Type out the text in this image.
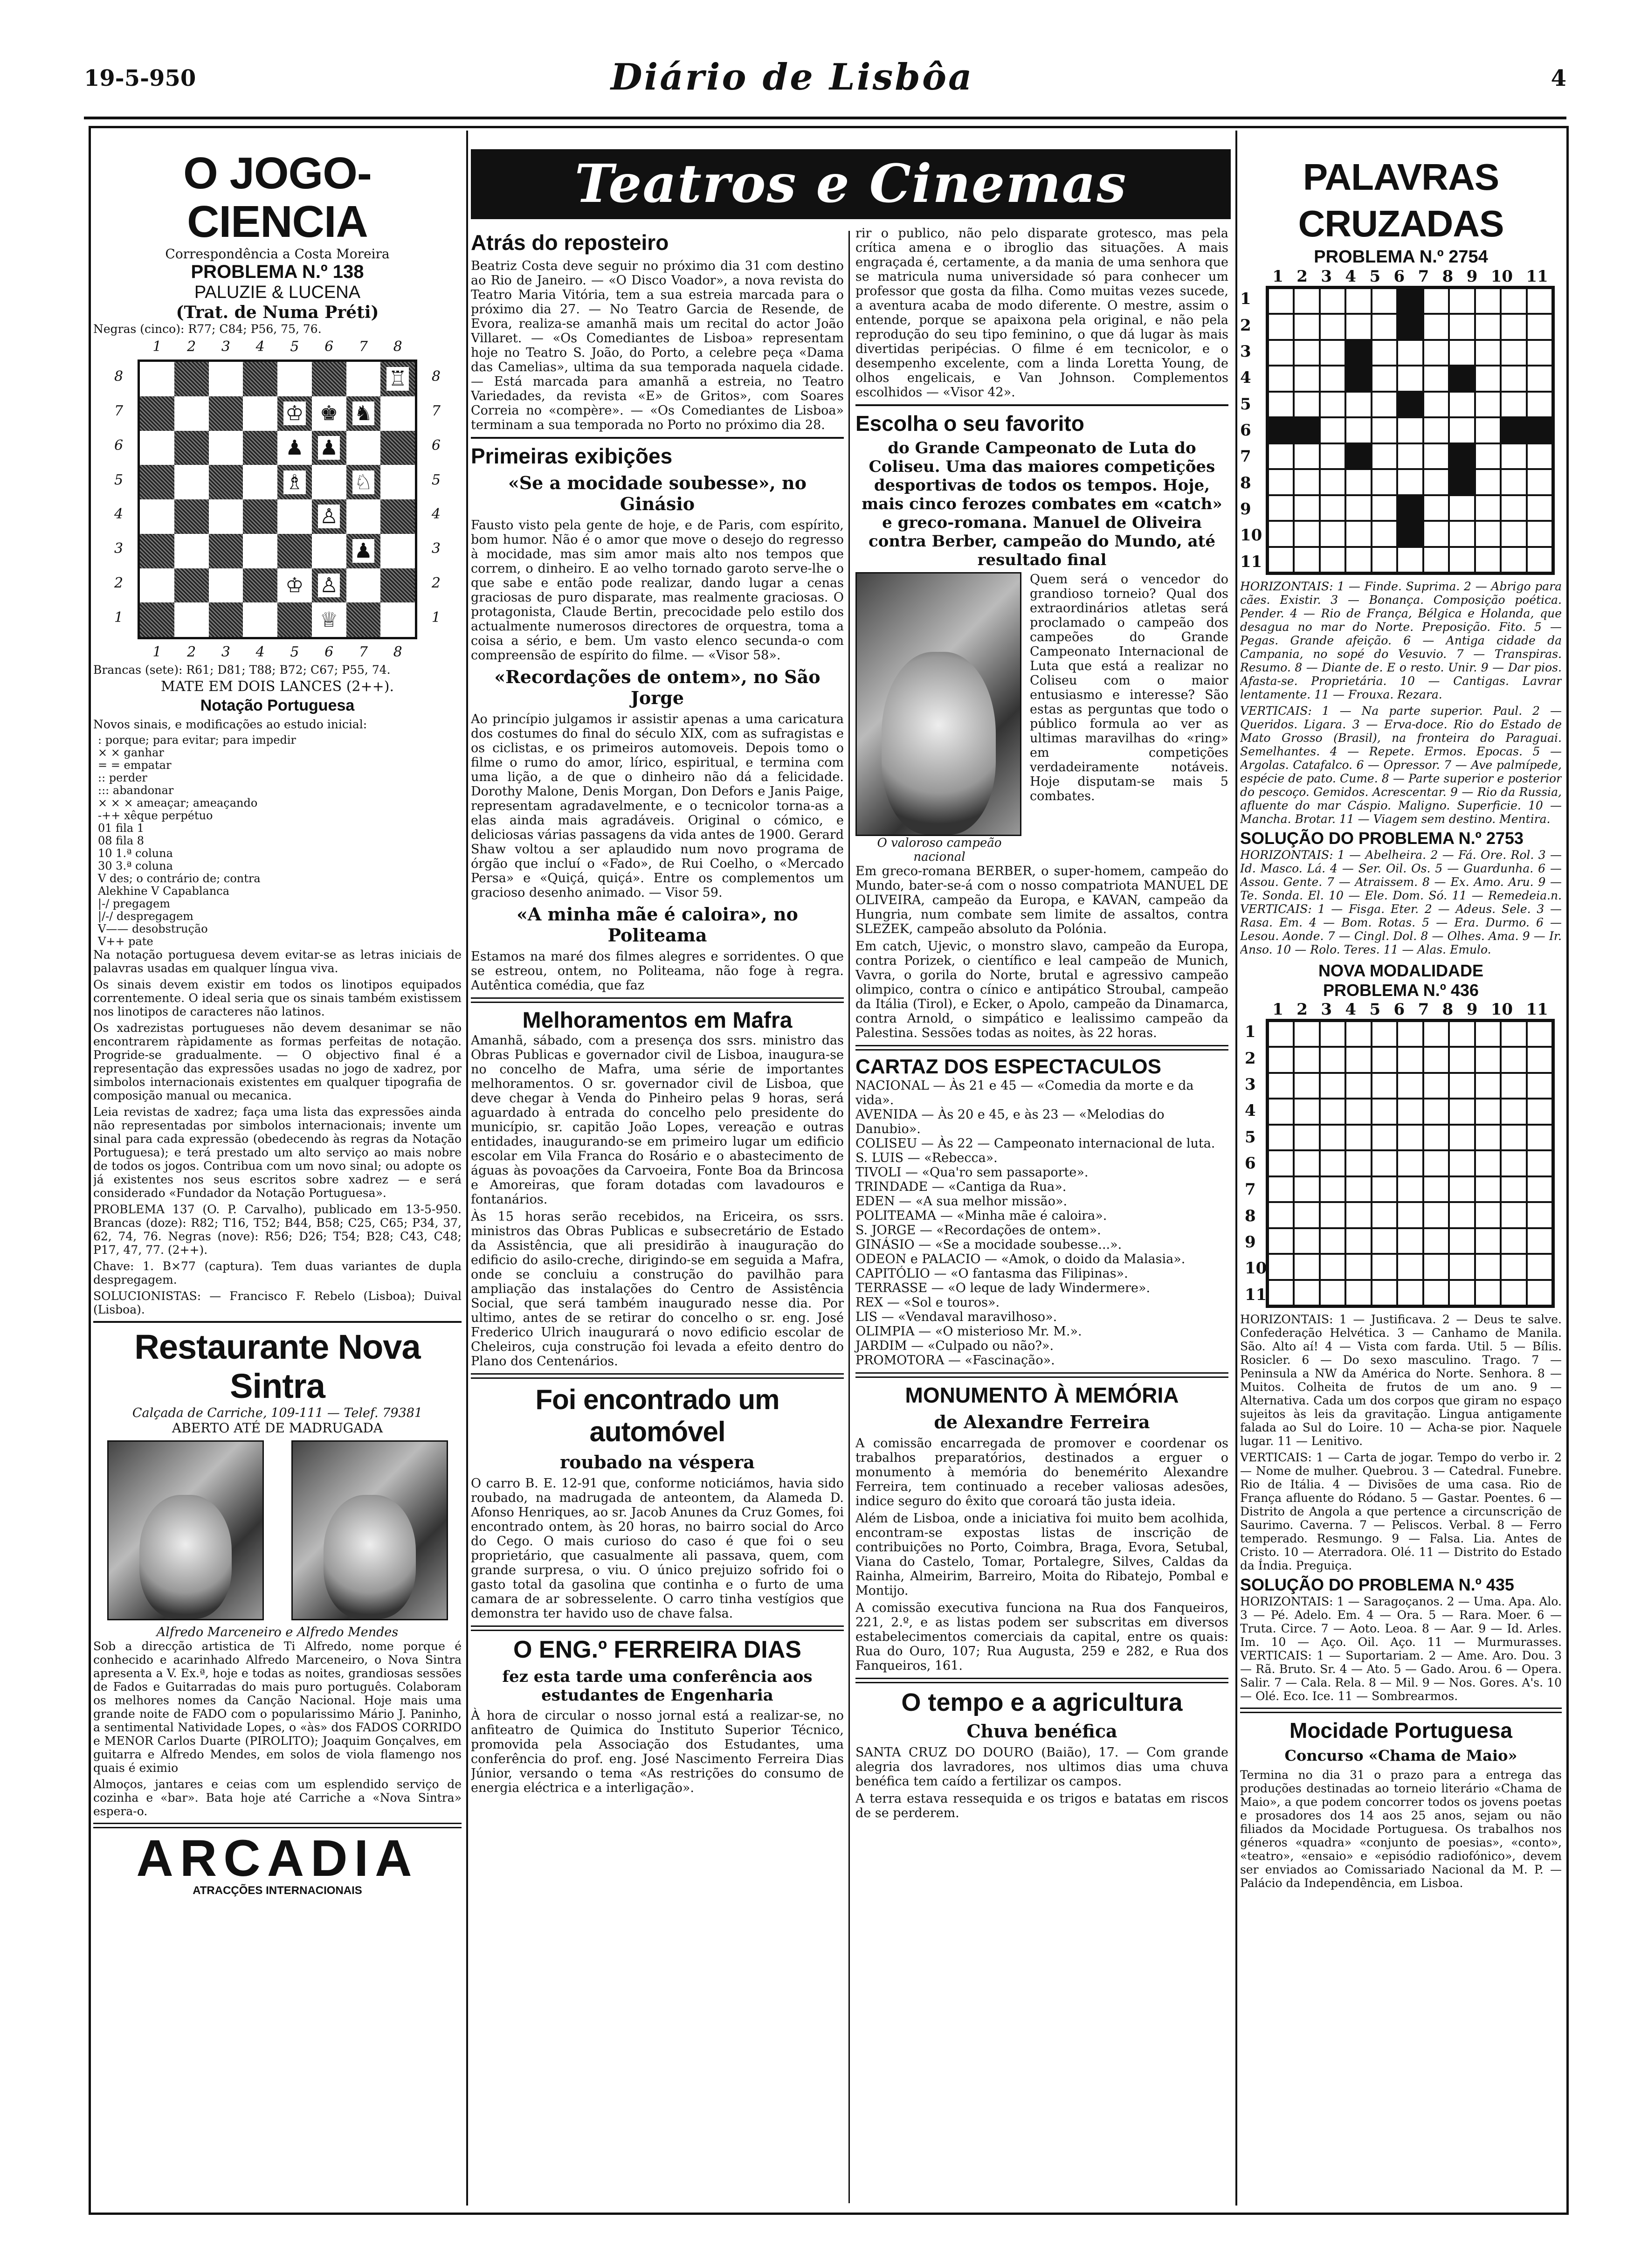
19-5-950	Diário de Lisbôa	4
O JOGO-CIENCIA
Correspondência a Costa Moreira
PROBLEMA N.º 138
PALUZIE & LUCENA
(Trat. de Numa Préti)
Negras (cinco): R77; C84; P56, 75, 76.
1 2 3 4 5 6 7 8
8
7
6
5
4
3
2
1
8
7
6
5
4
3
2
1
♖
♔ ♚ ♞
♟ ♟
♗ ♘
♙
♟
♔ ♙
♕
1 2 3 4 5 6 7 8
Brancas (sete): R61; D81; T88; B72; C67; P55, 74.
MATE EM DOIS LANCES (2++).
Notação Portuguesa
Novos sinais, e modificações ao estudo inicial:
: porque; para evitar; para impedir
× × ganhar
= = empatar
:: perder
::: abandonar
× × × ameaçar; ameaçando
-++ xêque perpétuo
01 fila 1
08 fila 8
10 1.ª coluna
30 3.ª coluna
V des; o contrário de; contra
Alekhine V Capablanca
|-/ pregagem
|/-/ despregagem
V—— desobstrução
V++ pate
Na notação portuguesa devem evitar-se as letras iniciais de palavras usadas em qualquer língua viva.
Os sinais devem existir em todos os linotipos equipados correntemente. O ideal seria que os sinais também existissem nos linotipos de caracteres não latinos.
Os xadrezistas portugueses não devem desanimar se não encontrarem ràpidamente as formas perfeitas de notação. Progride-se gradualmente. — O objectivo final é a representação das expressões usadas no jogo de xadrez, por simbolos internacionais existentes em qualquer tipografia de composição manual ou mecanica.
Leia revistas de xadrez; faça uma lista das expressões ainda não representadas por simbolos internacionais; invente um sinal para cada expressão (obedecendo às regras da Notação Portuguesa); e terá prestado um alto serviço ao mais nobre de todos os jogos. Contribua com um novo sinal; ou adopte os já existentes nos seus escritos sobre xadrez — e será considerado «Fundador da Notação Portuguesa».
PROBLEMA 137 (O. P. Carvalho), publicado em 13-5-950. Brancas (doze): R82; T16, T52; B44, B58; C25, C65; P34, 37, 62, 74, 76. Negras (nove): R56; D26; T54; B28; C43, C48; P17, 47, 77. (2++).
Chave: 1. B×77 (captura). Tem duas variantes de dupla despregagem.
SOLUCIONISTAS: — Francisco F. Rebelo (Lisboa); Duival (Lisboa).
Restaurante Nova Sintra
Calçada de Carriche, 109-111 — Telef. 79381
ABERTO ATÉ DE MADRUGADA
Alfredo Marceneiro e Alfredo Mendes
Sob a direcção artistica de Ti Alfredo, nome porque é conhecido e acarinhado Alfredo Marceneiro, o Nova Sintra apresenta a V. Ex.ª, hoje e todas as noites, grandiosas sessões de Fados e Guitarradas do mais puro português. Colaboram os melhores nomes da Canção Nacional. Hoje mais uma grande noite de FADO com o popularissimo Mário J. Paninho, a sentimental Natividade Lopes, o «às» dos FADOS CORRIDO e MENOR Carlos Duarte (PIROLITO); Joaquim Gonçalves, em guitarra e Alfredo Mendes, em solos de viola flamengo nos quais é eximio
Almoços, jantares e ceias com um esplendido serviço de cozinha e «bar». Bata hoje até Carriche a «Nova Sintra» espera-o.
ARCADIA
ATRACÇÕES INTERNACIONAIS
Teatros e Cinemas
Atrás do reposteiro
Beatriz Costa deve seguir no próximo dia 31 com destino ao Rio de Janeiro. — «O Disco Voador», a nova revista do Teatro Maria Vitória, tem a sua estreia marcada para o próximo dia 27. — No Teatro Garcia de Resende, de Evora, realiza-se amanhã mais um recital do actor João Villaret. — «Os Comediantes de Lisboa» representam hoje no Teatro S. João, do Porto, a celebre peça «Dama das Camelias», ultima da sua temporada naquela cidade. — Está marcada para amanhã a estreia, no Teatro Variedades, da revista «E» de Gritos», com Soares Correia no «compère». — «Os Comediantes de Lisboa» terminam a sua temporada no Porto no próximo dia 28.
Primeiras exibições
«Se a mocidade soubesse», no Ginásio
Fausto visto pela gente de hoje, e de Paris, com espírito, bom humor. Não é o amor que move o desejo do regresso à mocidade, mas sim amor mais alto nos tempos que correm, o dinheiro. E ao velho tornado garoto serve-lhe o que sabe e então pode realizar, dando lugar a cenas graciosas de puro disparate, mas realmente graciosas. O protagonista, Claude Bertin, precocidade pelo estilo dos actualmente numerosos directores de orquestra, toma a coisa a sério, e bem. Um vasto elenco secunda-o com compreensão de espírito do filme. — «Visor 58».
«Recordações de ontem», no São Jorge
Ao princípio julgamos ir assistir apenas a uma caricatura dos costumes do final do século XIX, com as sufragistas e os ciclistas, e os primeiros automoveis. Depois tomo o filme o rumo do amor, lírico, espiritual, e termina com uma lição, a de que o dinheiro não dá a felicidade. Dorothy Malone, Denis Morgan, Don Defors e Janis Paige, representam agradavelmente, e o tecnicolor torna-as a elas ainda mais agradáveis. Original o cómico, e deliciosas várias passagens da vida antes de 1900. Gerard Shaw voltou a ser aplaudido num novo programa de órgão que incluí o «Fado», de Rui Coelho, o «Mercado Persa» e «Quiçá, quiçá». Entre os complementos um gracioso desenho animado. — Visor 59.
«A minha mãe é caloira», no Politeama
Estamos na maré dos filmes alegres e sorridentes. O que se estreou, ontem, no Politeama, não foge à regra. Autêntica comédia, que faz
Melhoramentos em Mafra
Amanhã, sábado, com a presença dos ssrs. ministro das Obras Publicas e governador civil de Lisboa, inaugura-se no concelho de Mafra, uma série de importantes melhoramentos. O sr. governador civil de Lisboa, que deve chegar à Venda do Pinheiro pelas 9 horas, será aguardado à entrada do concelho pelo presidente do município, sr. capitão João Lopes, vereação e outras entidades, inaugurando-se em primeiro lugar um edificio escolar em Vila Franca do Rosário e o abastecimento de águas às povoações da Carvoeira, Fonte Boa da Brincosa e Amoreiras, que foram dotadas com lavadouros e fontanários.
Às 15 horas serão recebidos, na Ericeira, os ssrs. ministros das Obras Publicas e subsecretário de Estado da Assistência, que ali presidirão à inauguração do edificio do asilo-creche, dirigindo-se em seguida a Mafra, onde se concluiu a construção do pavilhão para ampliação das instalações do Centro de Assistência Social, que será também inaugurado nesse dia. Por ultimo, antes de se retirar do concelho o sr. eng. José Frederico Ulrich inaugurará o novo edificio escolar de Cheleiros, cuja construção foi levada a efeito dentro do Plano dos Centenários.
Foi encontrado um automóvel
roubado na véspera
O carro B. E. 12-91 que, conforme noticiámos, havia sido roubado, na madrugada de anteontem, da Alameda D. Afonso Henriques, ao sr. Jacob Anunes da Cruz Gomes, foi encontrado ontem, às 20 horas, no bairro social do Arco do Cego. O mais curioso do caso é que foi o seu proprietário, que casualmente ali passava, quem, com grande surpresa, o viu. O único prejuizo sofrido foi o gasto total da gasolina que continha e o furto de uma camara de ar sobresselente. O carro tinha vestígios que demonstra ter havido uso de chave falsa.
O ENG.º FERREIRA DIAS
fez esta tarde uma conferência aos estudantes de Engenharia
À hora de circular o nosso jornal está a realizar-se, no anfiteatro de Quimica do Instituto Superior Técnico, promovida pela Associação dos Estudantes, uma conferência do prof. eng. José Nascimento Ferreira Dias Júnior, versando o tema «As restrições do consumo de energia eléctrica e a interligação».
rir o publico, não pelo disparate grotesco, mas pela crítica amena e o ibroglio das situações. A mais engraçada é, certamente, a da mania de uma senhora que se matricula numa universidade só para conhecer um professor que gosta da filha. Como muitas vezes sucede, a aventura acaba de modo diferente. O mestre, assim o entende, porque se apaixona pela original, e não pela reprodução do seu tipo feminino, o que dá lugar às mais divertidas peripécias. O filme é em tecnicolor, e o desempenho excelente, com a linda Loretta Young, de olhos engelicais, e Van Johnson. Complementos escolhidos — «Visor 42».
Escolha o seu favorito
do Grande Campeonato de Luta do Coliseu. Uma das maiores competições desportivas de todos os tempos. Hoje, mais cinco ferozes combates em «catch» e greco-romana. Manuel de Oliveira contra Berber, campeão do Mundo, até resultado final
O valoroso campeão nacional
Quem será o vencedor do grandioso torneio? Qual dos extraordinários atletas será proclamado o campeão dos campeões do Grande Campeonato Internacional de Luta que está a realizar no Coliseu com o maior entusiasmo e interesse? São estas as perguntas que todo o público formula ao ver as ultimas maravilhas do «ring» em competições verdadeiramente notáveis. Hoje disputam-se mais 5 combates.
Em greco-romana BERBER, o super-homem, campeão do Mundo, bater-se-á com o nosso compatriota MANUEL DE OLIVEIRA, campeão da Europa, e KAVAN, campeão da Hungria, num combate sem limite de assaltos, contra SLEZEK, campeão absoluto da Polónia.
Em catch, Ujevic, o monstro slavo, campeão da Europa, contra Porizek, o científico e leal campeão de Munich, Vavra, o gorila do Norte, brutal e agressivo campeão olimpico, contra o cínico e antipático Stroubal, campeão da Itália (Tirol), e Ecker, o Apolo, campeão da Dinamarca, contra Arnold, o simpático e lealissimo campeão da Palestina. Sessões todas as noites, às 22 horas.
CARTAZ DOS ESPECTACULOS
NACIONAL — Às 21 e 45 — «Comedia da morte e da vida».
AVENIDA — Às 20 e 45, e às 23 — «Melodias do Danubio».
COLISEU — Às 22 — Campeonato internacional de luta.
S. LUIS — «Rebecca».
TIVOLI — «Qua'ro sem passaporte».
TRINDADE — «Cantiga da Rua».
EDEN — «A sua melhor missão».
POLITEAMA — «Minha mãe é caloira».
S. JORGE — «Recordações de ontem».
GINÁSIO — «Se a mocidade soubesse...».
ODEON e PALACIO — «Amok, o doido da Malasia».
CAPITÓLIO — «O fantasma das Filipinas».
TERRASSE — «O leque de lady Windermere».
REX — «Sol e touros».
LIS — «Vendaval maravilhoso».
OLIMPIA — «O misterioso Mr. M.».
JARDIM — «Culpado ou não?».
PROMOTORA — «Fascinação».
MONUMENTO À MEMÓRIA
de Alexandre Ferreira
A comissão encarregada de promover e coordenar os trabalhos preparatórios, destinados a erguer o monumento à memória do benemérito Alexandre Ferreira, tem continuado a receber valiosas adesões, indice seguro do êxito que coroará tão justa ideia.
Além de Lisboa, onde a iniciativa foi muito bem acolhida, encontram-se expostas listas de inscrição de contribuições no Porto, Coimbra, Braga, Evora, Setubal, Viana do Castelo, Tomar, Portalegre, Silves, Caldas da Rainha, Almeirim, Barreiro, Moita do Ribatejo, Pombal e Montijo.
A comissão executiva funciona na Rua dos Fanqueiros, 221, 2.º, e as listas podem ser subscritas em diversos estabelecimentos comerciais da capital, entre os quais: Rua do Ouro, 107; Rua Augusta, 259 e 282, e Rua dos Fanqueiros, 161.
O tempo e a agricultura
Chuva benéfica
SANTA CRUZ DO DOURO (Baião), 17. — Com grande alegria dos lavradores, nos ultimos dias uma chuva benéfica tem caído a fertilizar os campos.
A terra estava ressequida e os trigos e batatas em riscos de se perderem.
PALAVRAS CRUZADAS
PROBLEMA N.º 2754
1 2 3 4 5 6 7 8 9 10 11
1
2
3
4
5
6
7
8
9
10
11
HORIZONTAIS: 1 — Finde. Suprima. 2 — Abrigo para cães. Existir. 3 — Bonança. Composição poética. Pender. 4 — Rio de França, Bélgica e Holanda, que desagua no mar do Norte. Preposição. Fito. 5 — Pegas. Grande afeição. 6 — Antiga cidade da Campania, no sopé do Vesuvio. 7 — Transpiras. Resumo. 8 — Diante de. E o resto. Unir. 9 — Dar pios. Afasta-se. Proprietária. 10 — Cantigas. Lavrar lentamente. 11 — Frouxa. Rezara.
VERTICAIS: 1 — Na parte superior. Paul. 2 — Queridos. Ligara. 3 — Erva-doce. Rio do Estado de Mato Grosso (Brasil), na fronteira do Paraguai. Semelhantes. 4 — Repete. Ermos. Epocas. 5 — Argolas. Catafalco. 6 — Opressor. 7 — Ave palmípede, espécie de pato. Cume. 8 — Parte superior e posterior do pescoço. Gemidos. Acrescentar. 9 — Rio da Russia, afluente do mar Cáspio. Maligno. Superficie. 10 — Mancha. Brotar. 11 — Viagem sem destino. Mentira.
SOLUÇÃO DO PROBLEMA N.º 2753
HORIZONTAIS: 1 — Abelheira. 2 — Fá. Ore. Rol. 3 — Id. Masco. Lá. 4 — Ser. Oil. Os. 5 — Guardunha. 6 — Assou. Gente. 7 — Atraissem. 8 — Ex. Amo. Aru. 9 — Te. Sonda. El. 10 — Ele. Dom. Só. 11 — Remedeia.n. VERTICAIS: 1 — Fisga. Eter. 2 — Adeus. Sele. 3 — Rasa. Em. 4 — Bom. Rotas. 5 — Era. Durmo. 6 — Lesou. Aonde. 7 — Cingl. Dol. 8 — Olhes. Ama. 9 — Ir. Anso. 10 — Rolo. Teres. 11 — Alas. Emulo.
NOVA MODALIDADE
PROBLEMA N.º 436
1 2 3 4 5 6 7 8 9 10 11
1
2
3
4
5
6
7
8
9
10
11
HORIZONTAIS: 1 — Justificava. 2 — Deus te salve. Confederação Helvética. 3 — Canhamo de Manila. São. Alto aí! 4 — Vista com farda. Util. 5 — Bílis. Rosicler. 6 — Do sexo masculino. Trago. 7 — Peninsula a NW da América do Norte. Senhora. 8 — Muitos. Colheita de frutos de um ano. 9 — Alternativa. Cada um dos corpos que giram no espaço sujeitos às leis da gravitação. Lingua antigamente falada ao Sul do Loire. 10 — Acha-se pior. Naquele lugar. 11 — Lenitivo.
VERTICAIS: 1 — Carta de jogar. Tempo do verbo ir. 2 — Nome de mulher. Quebrou. 3 — Catedral. Funebre. Rio de Itália. 4 — Divisões de uma casa. Rio de França afluente do Ródano. 5 — Gastar. Poentes. 6 — Distrito de Angola a que pertence a circunscrição de Saurimo. Caverna. 7 — Peliscos. Verbal. 8 — Ferro temperado. Resmungo. 9 — Falsa. Lia. Antes de Cristo. 10 — Aterradora. Olé. 11 — Distrito do Estado da Índia. Preguiça.
SOLUÇÃO DO PROBLEMA N.º 435
HORIZONTAIS: 1 — Saragoçanos. 2 — Uma. Apa. Alo. 3 — Pé. Adelo. Em. 4 — Ora. 5 — Rara. Moer. 6 — Truta. Circe. 7 — Aoto. Leoa. 8 — Aar. 9 — Id. Arles. Im. 10 — Aço. Oil. Aço. 11 — Murmurasses. VERTICAIS: 1 — Suportariam. 2 — Ame. Aro. Dou. 3 — Rã. Bruto. Sr. 4 — Ato. 5 — Gado. Arou. 6 — Opera. Salir. 7 — Cala. Rela. 8 — Mil. 9 — Nos. Gores. A's. 10 — Olé. Eco. Ice. 11 — Sombrearmos.
Mocidade Portuguesa
Concurso «Chama de Maio»
Termina no dia 31 o prazo para a entrega das produções destinadas ao torneio literário «Chama de Maio», a que podem concorrer todos os jovens poetas e prosadores dos 14 aos 25 anos, sejam ou não filiados da Mocidade Portuguesa. Os trabalhos nos géneros «quadra» «conjunto de poesias», «conto», «teatro», «ensaio» e «episódio radiofónico», devem ser enviados ao Comissariado Nacional da M. P. — Palácio da Independência, em Lisboa.
